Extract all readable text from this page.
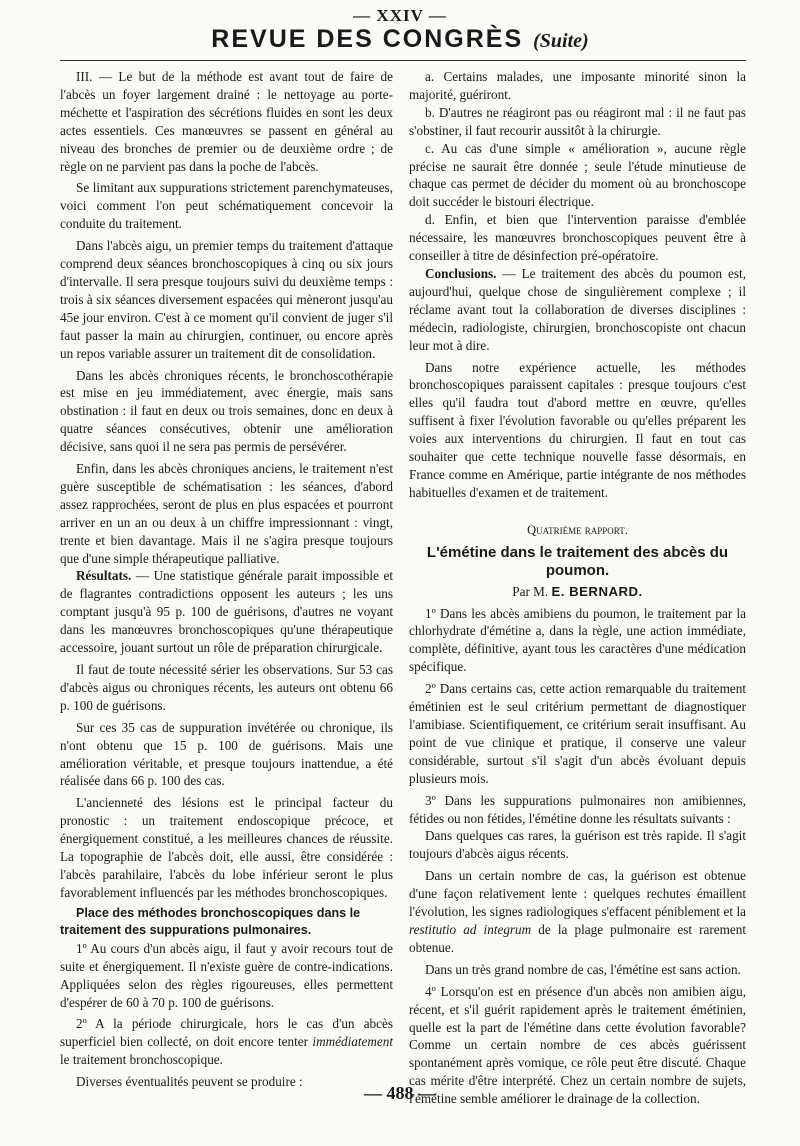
— XXIV —
REVUE DES CONGRÈS (Suite)

III. — Le but de la méthode est avant tout de faire de l'abcès un foyer largement drainé : le nettoyage au porte-méchette et l'aspiration des sécrétions fluides en sont les deux actes essentiels. Ces manœuvres se passent en général au niveau des bronches de premier ou de deuxième ordre ; de règle on ne parvient pas dans la poche de l'abcès.

Se limitant aux suppurations strictement parenchymateuses, voici comment l'on peut schématiquement concevoir la conduite du traitement.

Dans l'abcès aigu, un premier temps du traitement d'attaque comprend deux séances bronchoscopiques à cinq ou six jours d'intervalle. Il sera presque toujours suivi du deuxième temps : trois à six séances diversement espacées qui mèneront jusqu'au 45e jour environ. C'est à ce moment qu'il convient de juger s'il faut passer la main au chirurgien, continuer, ou encore après un repos variable assurer un traitement dit de consolidation.

Dans les abcès chroniques récents, le bronchoscothérapie est mise en jeu immédiatement, avec énergie, mais sans obstination : il faut en deux ou trois semaines, donc en deux à quatre séances consécutives, obtenir une amélioration décisive, sans quoi il ne sera pas permis de persévérer.

Enfin, dans les abcès chroniques anciens, le traitement n'est guère susceptible de schématisation : les séances, d'abord assez rapprochées, seront de plus en plus espacées et pourront arriver en un an ou deux à un chiffre impressionnant : vingt, trente et bien davantage. Mais il ne s'agira presque toujours que d'une simple thérapeutique palliative.

Résultats. — Une statistique générale parait impossible et de flagrantes contradictions opposent les auteurs ; les uns comptant jusqu'à 95 p. 100 de guérisons, d'autres ne voyant dans les manœuvres bronchoscopiques qu'une thérapeutique accessoire, jouant surtout un rôle de préparation chirurgicale.

Il faut de toute nécessité sérier les observations. Sur 53 cas d'abcès aigus ou chroniques récents, les auteurs ont obtenu 66 p. 100 de guérisons.

Sur ces 35 cas de suppuration invétérée ou chronique, ils n'ont obtenu que 15 p. 100 de guérisons. Mais une amélioration véritable, et presque toujours inattendue, a été réalisée dans 66 p. 100 des cas.

L'ancienneté des lésions est le principal facteur du pronostic : un traitement endoscopique précoce, et énergiquement constitué, a les meilleures chances de réussite. La topographie de l'abcès doit, elle aussi, être considérée : l'abcès parahilaire, l'abcès du lobe inférieur seront le plus favorablement influencés par les méthodes bronchoscopiques.

Place des méthodes bronchoscopiques dans le traitement des suppurations pulmonaires.

1º Au cours d'un abcès aigu, il faut y avoir recours tout de suite et énergiquement. Il n'existe guère de contre-indications. Appliquées selon des règles rigoureuses, elles permettent d'espérer de 60 à 70 p. 100 de guérisons.

2º A la période chirurgicale, hors le cas d'un abcès superficiel bien collecté, on doit encore tenter immédiatement le traitement bronchoscopique.

Diverses éventualités peuvent se produire :

a. Certains malades, une imposante minorité sinon la majorité, guériront.

b. D'autres ne réagiront pas ou réagiront mal : il ne faut pas s'obstiner, il faut recourir aussitôt à la chirurgie.

c. Au cas d'une simple « amélioration », aucune règle précise ne saurait être donnée ; seule l'étude minutieuse de chaque cas permet de décider du moment où au bronchoscope doit succéder le bistouri électrique.

d. Enfin, et bien que l'intervention paraisse d'emblée nécessaire, les manœuvres bronchoscopiques peuvent être à conseiller à titre de désinfection pré-opératoire.

Conclusions. — Le traitement des abcès du poumon est, aujourd'hui, quelque chose de singulièrement complexe ; il réclame avant tout la collaboration de diverses disciplines : médecin, radiologiste, chirurgien, bronchoscopiste ont chacun leur mot à dire.

Dans notre expérience actuelle, les méthodes bronchoscopiques paraissent capitales : presque toujours c'est elles qu'il faudra tout d'abord mettre en œuvre, qu'elles suffisent à fixer l'évolution favorable ou qu'elles préparent les voies aux interventions du chirurgien. Il faut en tout cas souhaiter que cette technique nouvelle fasse désormais, en France comme en Amérique, partie intégrante de nos méthodes habituelles d'examen et de traitement.

Quatrième rapport.
L'émétine dans le traitement des abcès du poumon.
Par M. E. BERNARD.

1º Dans les abcès amibiens du poumon, le traitement par la chlorhydrate d'émétine a, dans la règle, une action immédiate, complète, définitive, ayant tous les caractères d'une médication spécifique.

2º Dans certains cas, cette action remarquable du traitement émétinien est le seul critérium permettant de diagnostiquer l'amibiase. Scientifiquement, ce critérium serait insuffisant. Au point de vue clinique et pratique, il conserve une valeur considérable, surtout s'il s'agit d'un abcès évoluant depuis plusieurs mois.

3º Dans les suppurations pulmonaires non amibiennes, fétides ou non fétides, l'émétine donne les résultats suivants :

Dans quelques cas rares, la guérison est très rapide. Il s'agit toujours d'abcès aigus récents.

Dans un certain nombre de cas, la guérison est obtenue d'une façon relativement lente : quelques rechutes émaillent l'évolution, les signes radiologiques s'effacent péniblement et la restitutio ad integrum de la plage pulmonaire est rarement obtenue.

Dans un très grand nombre de cas, l'émétine est sans action.

4º Lorsqu'on est en présence d'un abcès non amibien aigu, récent, et s'il guérit rapidement après le traitement émétinien, quelle est la part de l'émétine dans cette évolution favorable? Comme un certain nombre de ces abcès guérissent spontanément après vomique, ce rôle peut être discuté. Chaque cas mérite d'être interprété. Chez un certain nombre de sujets, l'émétine semble améliorer le drainage de la collection.

— 488 —
